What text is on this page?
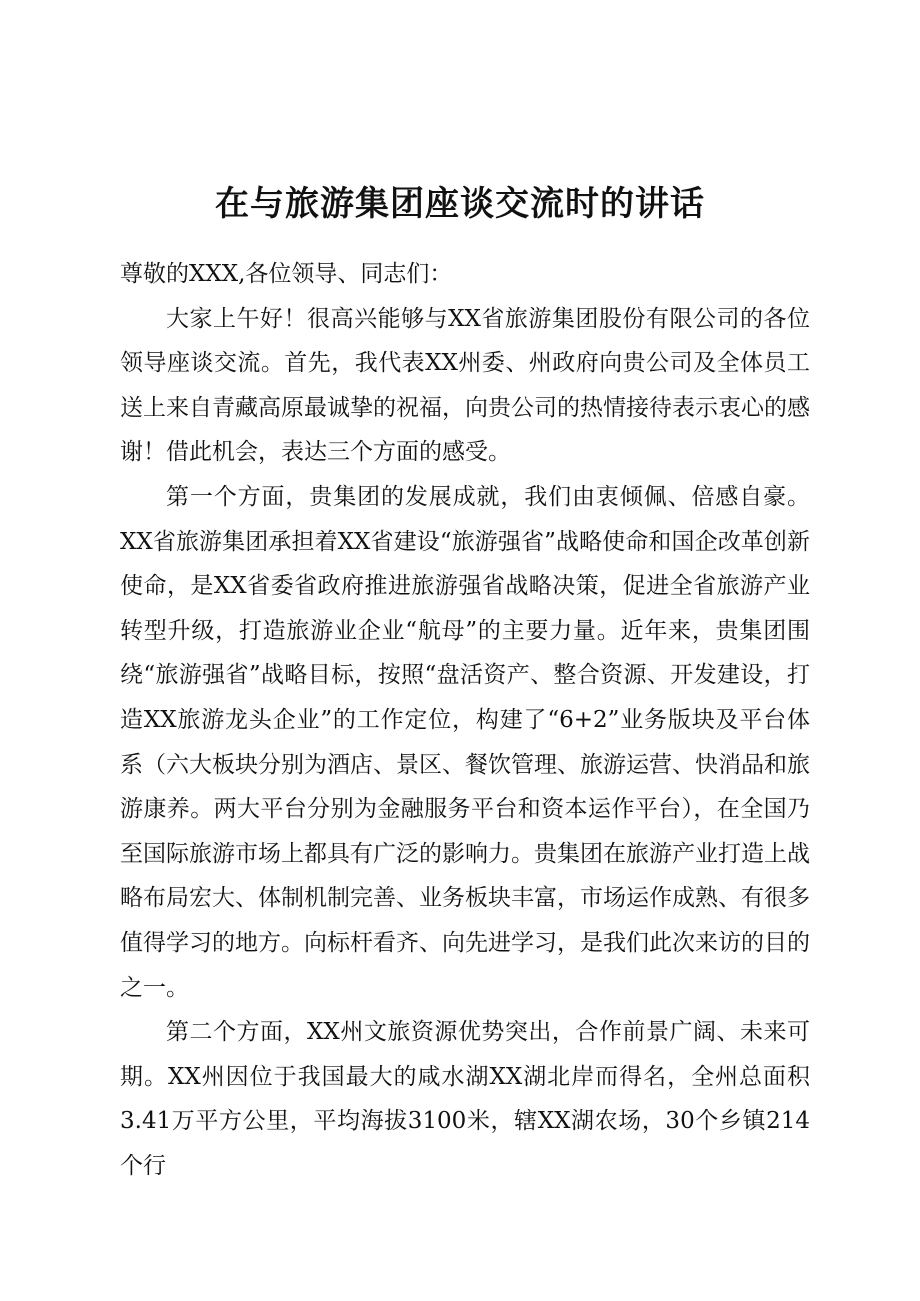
在与旅游集团座谈交流时的讲话

尊敬的XXX,各位领导、同志们：

大家上午好！很高兴能够与XX省旅游集团股份有限公司的各位领导座谈交流。首先，我代表XX州委、州政府向贵公司及全体员工送上来自青藏高原最诚挚的祝福，向贵公司的热情接待表示衷心的感谢！借此机会，表达三个方面的感受。

第一个方面，贵集团的发展成就，我们由衷倾佩、倍感自豪。XX省旅游集团承担着XX省建设“旅游强省”战略使命和国企改革创新使命，是XX省委省政府推进旅游强省战略决策，促进全省旅游产业转型升级，打造旅游业企业“航母”的主要力量。近年来，贵集团围绕“旅游强省”战略目标，按照“盘活资产、整合资源、开发建设，打造XX旅游龙头企业”的工作定位，构建了“6+2”业务版块及平台体系（六大板块分别为酒店、景区、餐饮管理、旅游运营、快消品和旅游康养。两大平台分别为金融服务平台和资本运作平台），在全国乃至国际旅游市场上都具有广泛的影响力。贵集团在旅游产业打造上战略布局宏大、体制机制完善、业务板块丰富，市场运作成熟、有很多值得学习的地方。向标杆看齐、向先进学习，是我们此次来访的目的之一。

第二个方面，XX州文旅资源优势突出，合作前景广阔、未来可期。XX州因位于我国最大的咸水湖XX湖北岸而得名，全州总面积3.41万平方公里，平均海拔3100米，辖XX湖农场，30个乡镇214个行
